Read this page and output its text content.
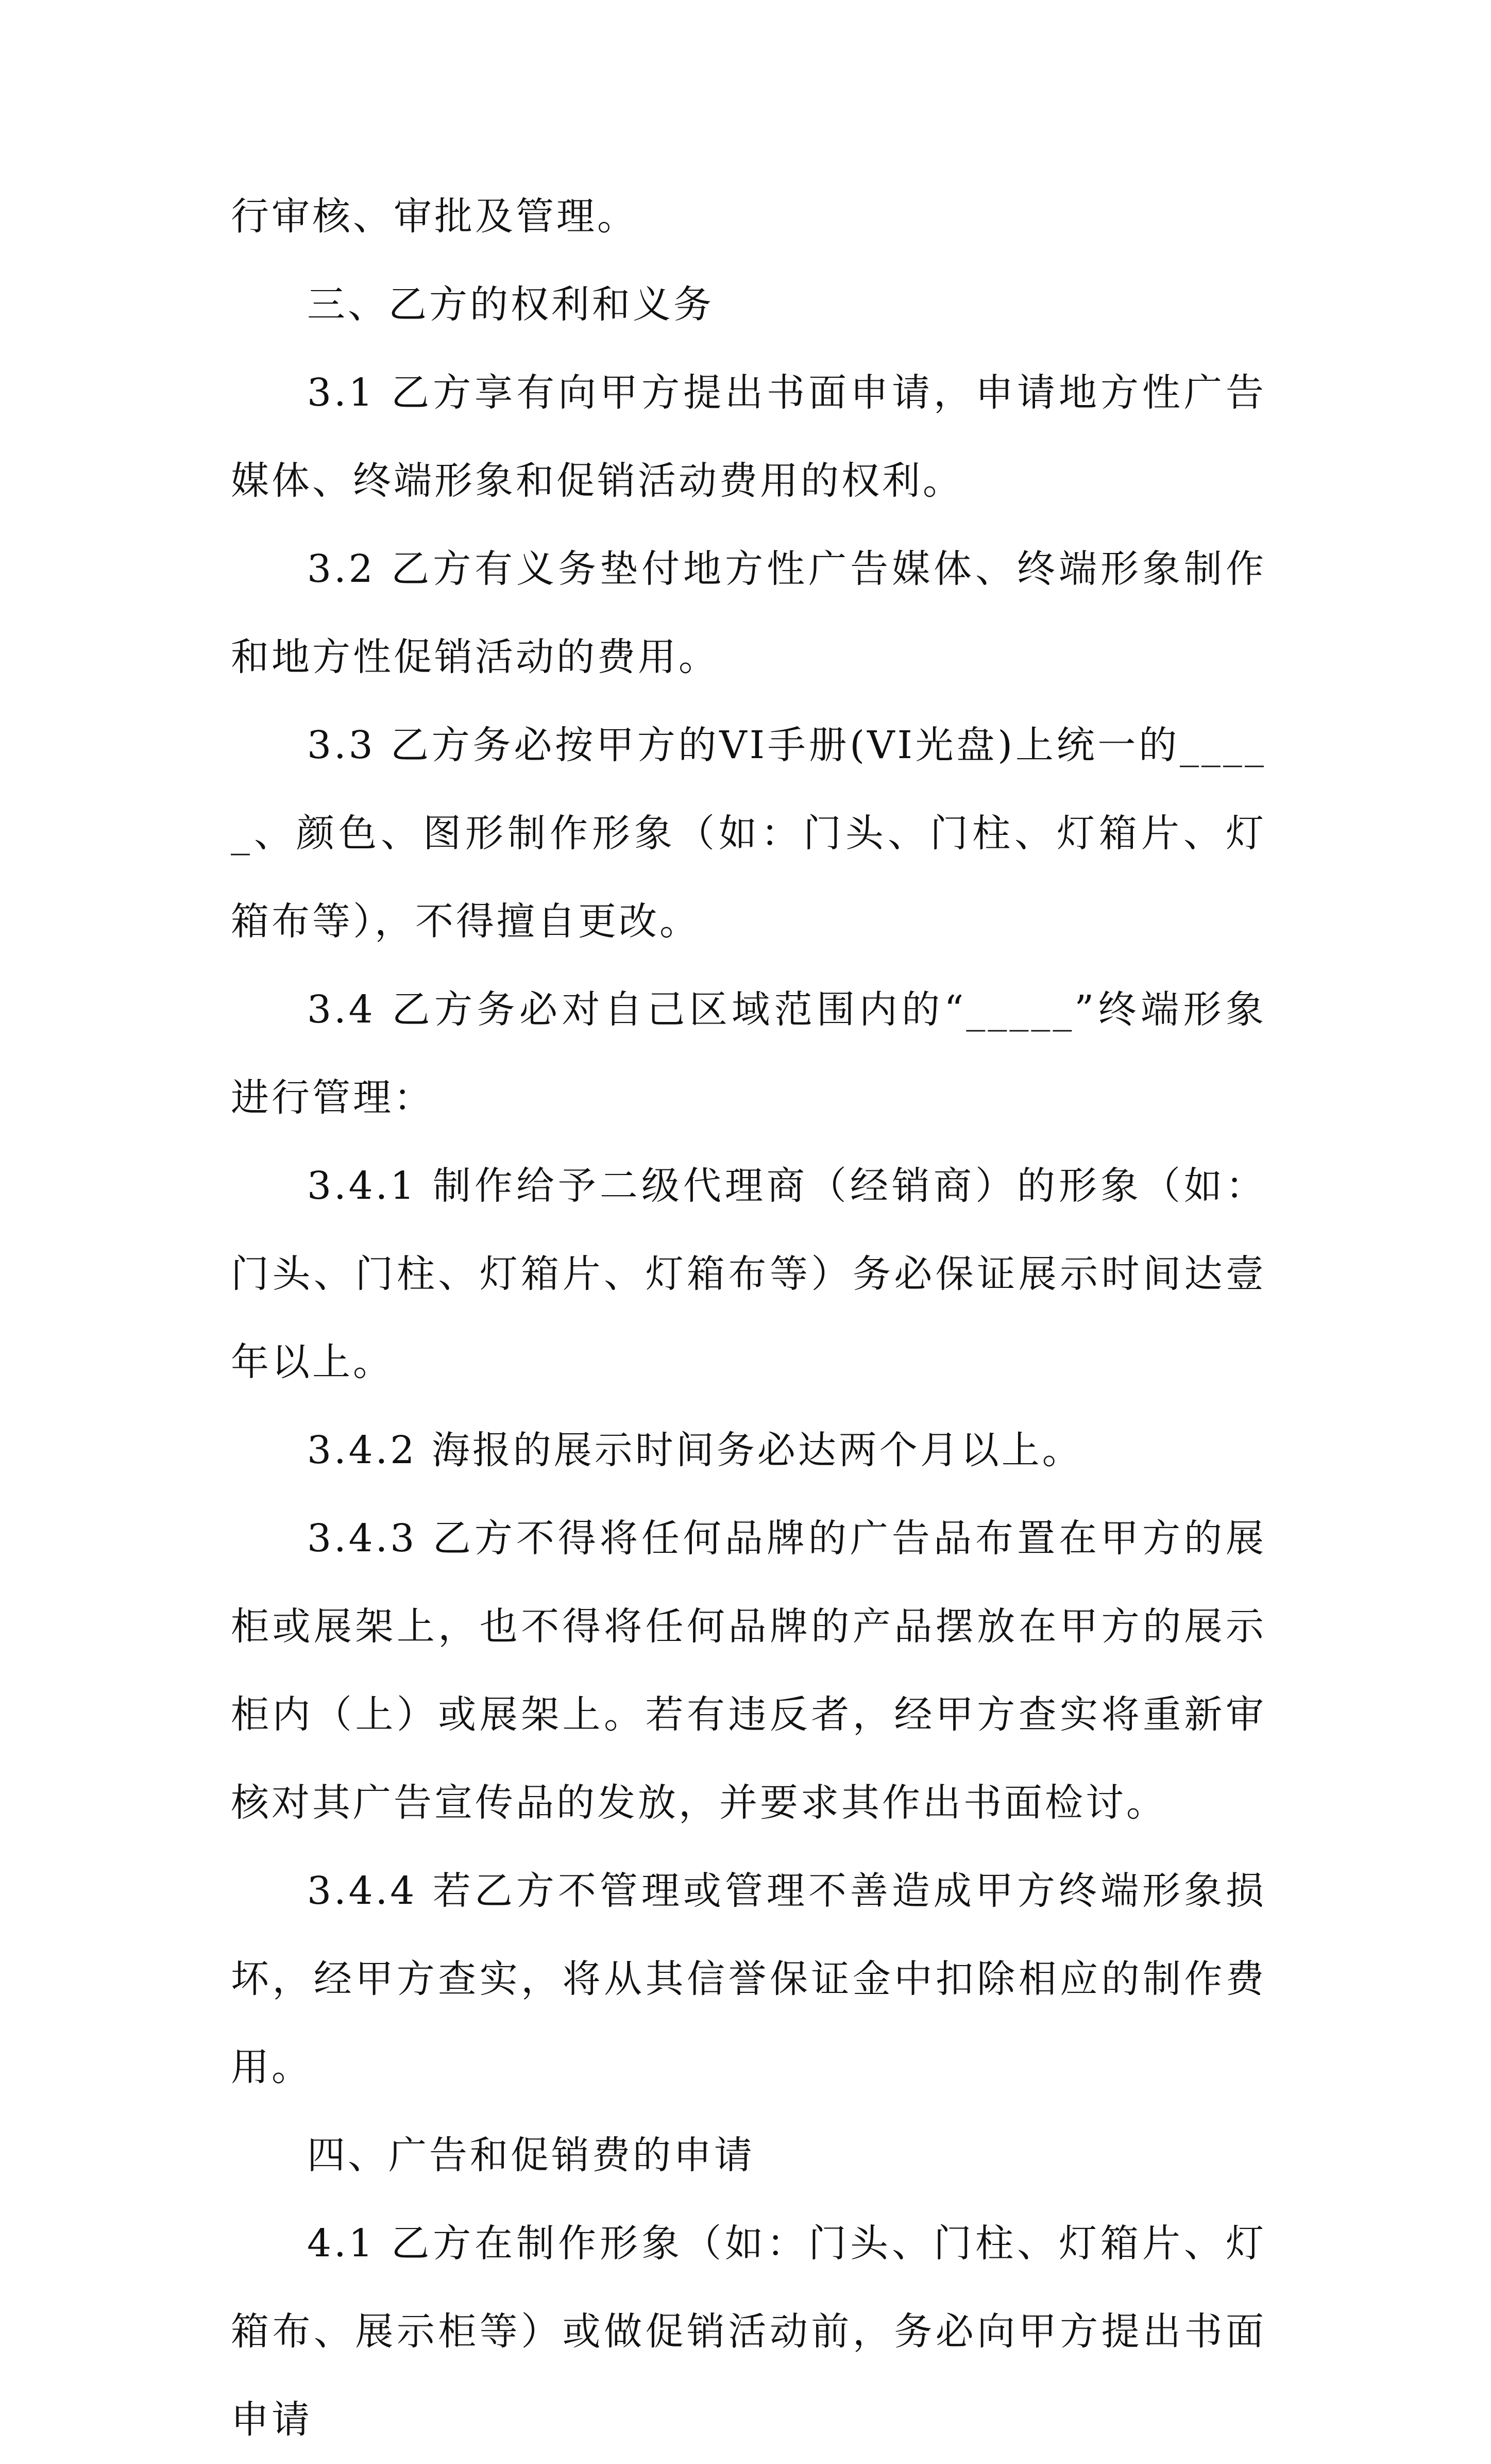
行审核、审批及管理。

三、乙方的权利和义务

3.1 乙方享有向甲方提出书面申请，申请地方性广告媒体、终端形象和促销活动费用的权利。

3.2 乙方有义务垫付地方性广告媒体、终端形象制作和地方性促销活动的费用。

3.3 乙方务必按甲方的VI手册(VI光盘)上统一的_____、颜色、图形制作形象（如：门头、门柱、灯箱片、灯箱布等），不得擅自更改。

3.4 乙方务必对自己区域范围内的“_____”终端形象进行管理：

3.4.1 制作给予二级代理商（经销商）的形象（如：门头、门柱、灯箱片、灯箱布等）务必保证展示时间达壹年以上。

3.4.2 海报的展示时间务必达两个月以上。

3.4.3 乙方不得将任何品牌的广告品布置在甲方的展柜或展架上，也不得将任何品牌的产品摆放在甲方的展示柜内（上）或展架上。若有违反者，经甲方查实将重新审核对其广告宣传品的发放，并要求其作出书面检讨。

3.4.4 若乙方不管理或管理不善造成甲方终端形象损坏，经甲方查实，将从其信誉保证金中扣除相应的制作费用。

四、广告和促销费的申请

4.1 乙方在制作形象（如：门头、门柱、灯箱片、灯箱布、展示柜等）或做促销活动前，务必向甲方提出书面申请
